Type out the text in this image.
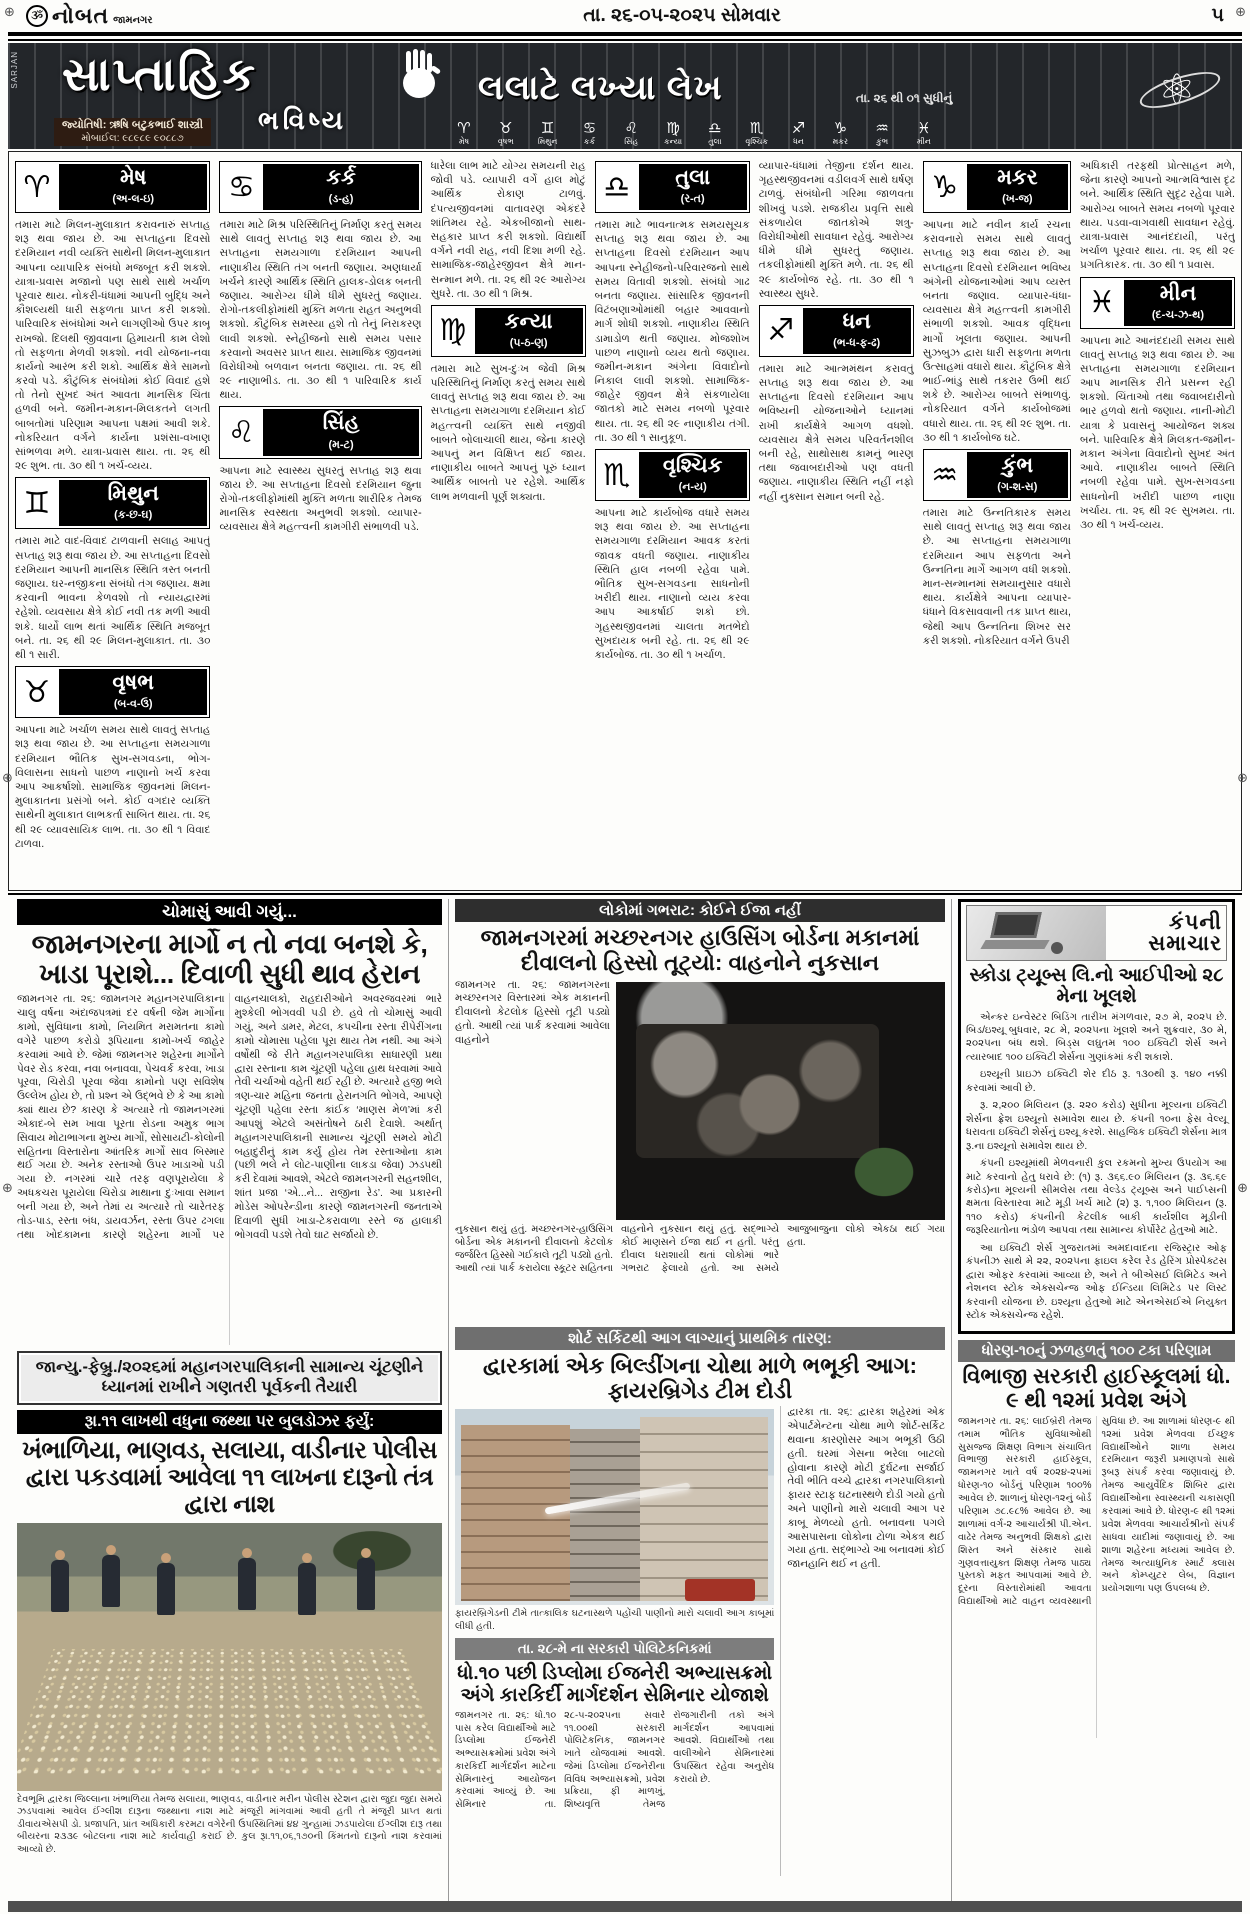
⊕	⊕
⊕	⊕
⊕	⊕
ૐ નોબત જામનગર	તા. ૨૬-૦૫-૨૦૨૫ સોમવાર	૫
SARJAN સાપ્તાહિક
ભવિષ્ય
જ્યોતિષી: ઋષિ બટુકભાઈ શાસ્ત્રી
મોબાઈલ: ૯૮૯૮૯ ૯૦૮૮૭
લલાટે લખ્યા લેખ	તા. ૨૬ થી ૦૧ સુધીનું
♈
મેષ
♉
વૃષભ
♊
મિથુન
♋
કર્ક
♌
સિંહ
♍
કન્યા
♎
તુલા
♏
વૃશ્ચિક
♐
ધન
♑
મકર
♒
કુંભ
♓
મીન
⚛
♈	મેષ
(અ-લ-ઇ)
તમારા માટે મિલન-મુલાકાત કરાવનારું સપ્તાહ શરૂ થવા જાય છે. આ સપ્તાહના દિવસો દરમિયાન નવી વ્યક્તિ સાથેની મિલન-મુલાકાત આપના વ્યાપારિક સંબંધો મજબૂત કરી શકશે. યાત્રા-પ્રવાસ મજાનો પણ સાથે સાથે ખર્ચાળ પૂરવાર થાય. નોકરી-ધંધામાં આપની બુદ્ધિ અને કૌશલ્યથી ધારી સફળતા પ્રાપ્ત કરી શકશો. પારિવારિક સંબંધોમાં અને લાગણીઓ ઉપર કાબૂ રાખજો. દિલથી જીવવાના હિમાયતી કામ લેશો તો સફળતા મેળવી શકશો. નવી યોજના-નવા કાર્યનો આરંભ કરી શકો. આર્થિક ક્ષેત્રે સામનો કરવો પડે. કૌટુંબિક સંબંધોમાં કોઈ વિવાદ હશે તો તેનો સુખદ અંત આવતા માનસિક ચિંતા હળવી બને. જમીન-મકાન-મિલકતને લગતી બાબતોમાં પરિણામ આપના પક્ષમાં આવી શકે. નોકરિયાત વર્ગને કાર્યના પ્રશંસા-વખાણ સાંભળવા મળે. યાત્રા-પ્રવાસ થાય. તા. ૨૬ થી ૨૯ શુભ. તા. ૩૦ થી ૧ ખર્ચ-વ્યય.
♊	મિથુન
(ક-છ-ઘ)
તમારા માટે વાદ-વિવાદ ટાળવાની સલાહ આપતું સપ્તાહ શરૂ થવા જાય છે. આ સપ્તાહના દિવસો દરમિયાન આપની માનસિક સ્થિતિ ત્રસ્ત બનતી જણાય. ઘર-નજીકના સંબંધો તંગ જણાય. ક્ષમા કરવાની ભાવના કેળવશો તો ન્યાયદ્વારમાં રહેશો. વ્યવસાય ક્ષેત્રે કોઈ નવી તક મળી આવી શકે. ધાર્યો લાભ થતાં આર્થિક સ્થિતિ મજબૂત બને. તા. ૨૬ થી ૨૯ મિલન-મુલાકાત. તા. ૩૦ થી ૧ સારી.
♉	વૃષભ
(બ-વ-ઉ)
આપના માટે ખર્ચાળ સમય સાથે લાવતું સપ્તાહ શરૂ થવા જાય છે. આ સપ્તાહના સમયગાળા દરમિયાન ભૌતિક સુખ-સગવડના, ભોગ-વિલાસના સાધનો પાછળ નાણાનો ખર્ચ કરવા આપ આકર્ષાશો. સામાજિક જીવનમાં મિલન-મુલાકાતના પ્રસંગો બને. કોઈ વગદાર વ્યક્તિ સાથેની મુલાકાત લાભકર્તા સાબિત થાય. તા. ૨૬ થી ૨૯ વ્યાવસાયિક લાભ. તા. ૩૦ થી ૧ વિવાદ ટાળવા.
♋	કર્ક
(ડ-હ)
તમારા માટે મિશ્ર પરિસ્થિતિનું નિર્માણ કરતું સમય સાથે લાવતું સપ્તાહ શરૂ થવા જાય છે. આ સપ્તાહના સમયગાળા દરમિયાન આપની નાણાકીય સ્થિતિ તંગ બનતી જણાય. અણધાર્યા ખર્ચને કારણે આર્થિક સ્થિતિ હાલક-ડોલક બનતી જણાય. આરોગ્ય ધીમે ધીમે સુધરતું જણાય. રોગો-તકલીફોમાંથી મુક્તિ મળતા રાહત અનુભવી શકશો. કૌટુંબિક સમસ્યા હશે તો તેનું નિરાકરણ લાવી શકશો. સ્નેહીજનો સાથે સમય પસાર કરવાનો અવસર પ્રાપ્ત થાય. સામાજિક જીવનમાં વિરોધીઓ બળવાન બનતા જણાય. તા. ૨૬ થી ૨૯ નાણાભીડ. તા. ૩૦ થી ૧ પારિવારિક કાર્ય થાય.
♌	સિંહ
(મ-ટ)
આપના માટે સ્વાસ્થ્ય સુધરતું સપ્તાહ શરૂ થવા જાય છે. આ સપ્તાહના દિવસો દરમિયાન જુના રોગો-તકલીફોમાંથી મુક્તિ મળતા શારીરિક તેમજ માનસિક સ્વસ્થતા અનુભવી શકશો. વ્યાપાર-વ્યવસાય ક્ષેત્રે મહત્ત્વની કામગીરી સંભાળવી પડે.
ધારેલા લાભ માટે યોગ્ય સમયની રાહ જોવી પડે. વ્યાપારી વર્ગે હાલ મોટું આર્થિક રોકાણ ટાળવું. દંપત્યજીવનમાં વાતાવરણ એકંદરે શાંતિમય રહે. એકબીજાનો સાથ-સહકાર પ્રાપ્ત કરી શકશો. વિદ્યાર્થી વર્ગને નવી રાહ, નવી દિશા મળી રહે. સામાજિક-જાહેરજીવન ક્ષેત્રે માન-સન્માન મળે. તા. ૨૬ થી ૨૯ આરોગ્ય સુધરે. તા. ૩૦ થી ૧ મિશ્ર.
♍	કન્યા
(પ-ઠ-ણ)
તમારા માટે સુખ-દુઃખ જેવી મિશ્ર પરિસ્થિતિનું નિર્માણ કરતું સમય સાથે લાવતું સપ્તાહ શરૂ થવા જાય છે. આ સપ્તાહના સમયગાળા દરમિયાન કોઈ મહત્ત્વની વ્યક્તિ સાથે નજીવી બાબતે બોલાચાલી થાય, જેના કારણે આપનું મન વિક્ષિપ્ત થઈ જાય. નાણાકીય બાબતે આપનું પૂરું ધ્યાન આર્થિક બાબતો પર રહેશે. આર્થિક લાભ મળવાની પૂર્ણ શક્યતા.
♎	તુલા
(ર-ત)
તમારા માટે ભાવનાત્મક સમયસૂચક સપ્તાહ શરૂ થવા જાય છે. આ સપ્તાહના દિવસો દરમિયાન આપ આપના સ્નેહીજનો-પરિવારજનો સાથે સમય વિતાવી શકશો. સંબંધો ગાઢ બનતા જણાય. સાંસારિક જીવનની વિટંબણાઓમાંથી બહાર આવવાનો માર્ગ શોધી શકશો. નાણાકીય સ્થિતિ ડામાડોળ થતી જણાય. મોજશોખ પાછળ નાણાનો વ્યય થતો જણાય. જમીન-મકાન અંગેના વિવાદોનો નિકાલ લાવી શકશો. સામાજિક-જાહેર જીવન ક્ષેત્રે સંકળાયેલા જાતકો માટે સમય નબળો પૂરવાર થાય. તા. ૨૬ થી ૨૯ નાણાકીય તંગી. તા. ૩૦ થી ૧ સાનુકૂળ.
♏	વૃશ્ચિક
(ન-ય)
આપના માટે કાર્યબોજ વધારે સમય શરૂ થવા જાય છે. આ સપ્તાહના સમયગાળા દરમિયાન આવક કરતાં જાવક વધતી જણાય. નાણાકીય સ્થિતિ હાલ નબળી રહેવા પામે. ભૌતિક સુખ-સગવડના સાધનોની ખરીદી થાય. નાણાનો વ્યય કરવા આપ આકર્ષાઈ શકો છો. ગૃહસ્થજીવનમાં ચાલતા મતભેદો સુખદાયક બની રહે. તા. ૨૬ થી ૨૯ કાર્યબોજ. તા. ૩૦ થી ૧ ખર્ચાળ.
વ્યાપાર-ધંધામાં તેજીના દર્શન થાય. ગૃહસ્થજીવનમાં વડીલવર્ગ સાથે ઘર્ષણ ટાળવું. સંબંધોની ગરિમા જાળવતા શીખવું પડશે. રાજકીય પ્રવૃત્તિ સાથે સંકળાયેલ જાતકોએ શત્રુ-વિરોધીઓથી સાવધાન રહેવું. આરોગ્ય ધીમે ધીમે સુધરતું જણાય. તકલીફોમાંથી મુક્તિ મળે. તા. ૨૬ થી ૨૯ કાર્યબોજ રહે. તા. ૩૦ થી ૧ સ્વાસ્થ્ય સુધરે.
♐	ધન
(ભ-ધ-ફ-ઢ)
તમારા માટે આત્મમંથન કરાવતું સપ્તાહ શરૂ થવા જાય છે. આ સપ્તાહના દિવસો દરમિયાન આપ ભવિષ્યની યોજનાઓને ધ્યાનમાં રાખી કાર્યક્ષેત્રે આગળ વધશો. વ્યવસાય ક્ષેત્રે સમય પરિવર્તનશીલ બની રહે, સાથોસાથ કામનું ભારણ તથા જવાબદારીઓ પણ વધતી જણાય. નાણાકીય સ્થિતિ નહીં નફો નહીં નુક્સાન સમાન બની રહે.
♑	મકર
(ખ-જ)
આપના માટે નવીન કાર્ય રચના કરાવનારો સમય સાથે લાવતું સપ્તાહ શરૂ થવા જાય છે. આ સપ્તાહના દિવસો દરમિયાન ભવિષ્ય અંગેની યોજનાઓમાં આપ વ્યસ્ત બનતા જણાવ. વ્યાપાર-ધંધા-વ્યવસાય ક્ષેત્રે મહત્ત્વની કામગીરી સંભાળી શકશો. આવક વૃદ્ધિના માર્ગો ખૂલતા જણાય. આપની સુઝબુઝ દ્વારા ધારી સફળતા મળતા ઉત્સાહમાં વધારો થાય. કૌટુંબિક ક્ષેત્રે ભાઈ-ભાંડુ સાથે તકરાર ઉભી થઈ શકે છે. આરોગ્ય બાબતે સંભાળવું. નોકરિયાત વર્ગને કાર્યબોજમાં વધારો થાય. તા. ૨૬ થી ૨૯ શુભ. તા. ૩૦ થી ૧ કાર્યબોજ ઘટે.
♒	કુંભ
(ગ-શ-સ)
તમારા માટે ઉન્નતિકારક સમય સાથે લાવતું સપ્તાહ શરૂ થવા જાય છે. આ સપ્તાહના સમયગાળા દરમિયાન આપ સફળતા અને ઉન્નતિના માર્ગે આગળ વધી શકશો. માન-સન્માનમાં સમયાનુસાર વધારો થાય. કાર્યક્ષેત્રે આપના વ્યાપાર-ધંધાને વિકસાવવાની તક પ્રાપ્ત થાય, જેથી આપ ઉન્નતિના શિખર સર કરી શકશો. નોકરિયાત વર્ગને ઉપરી
અધિકારી તરફથી પ્રોત્સાહન મળે, જેના કારણે આપનો આત્મવિશ્વાસ દૃઢ બને. આર્થિક સ્થિતિ સુદૃઢ રહેવા પામે. આરોગ્ય બાબતે સમય નબળો પૂરવાર થાય. પડવા-વાગવાથી સાવધાન રહેવું. યાત્રા-પ્રવાસ આનંદદાયી, પરંતુ ખર્ચાળ પૂરવાર થાય. તા. ૨૬ થી ૨૯ પ્રગતિકારક. તા. ૩૦ થી ૧ પ્રવાસ.
♓	મીન
(દ-ચ-ઝ-થ)
આપના માટે આનંદદાયી સમય સાથે લાવતું સપ્તાહ શરૂ થવા જાય છે. આ સપ્તાહના સમયગાળા દરમિયાન આપ માનસિક રીતે પ્રસન્ન રહી શકશો. ચિંતાઓ તથા જવાબદારીનો ભાર હળવો થતો જણાય. નાની-મોટી યાત્રા કે પ્રવાસનું આયોજન શક્ય બને. પારિવારિક ક્ષેત્રે મિલકત-જમીન-મકાન અંગેના વિવાદોનો સુખદ અંત આવે. નાણાકીય બાબતે સ્થિતિ નબળી રહેવા પામે. સુખ-સગવડના સાધનોની ખરીદી પાછળ નાણા ખર્ચાય. તા. ૨૬ થી ૨૯ સુખમય. તા. ૩૦ થી ૧ ખર્ચ-વ્યય.
ચોમાસું આવી ગયું...
જામનગરના માર્ગો ન તો નવા બનશે કે, ખાડા પૂરાશે... દિવાળી સુધી થાવ હેરાન
જામનગર તા. ૨૬: જામનગર મહાનગરપાલિકાના ચાલુ વર્ષના અંદાજપત્રમાં દર વર્ષની જેમ માર્ગોના કામો, સુવિધાના કામો, નિયમિત મરામતના કામો વગેરે પાછળ કરોડો રૂપિયાના કામો-ખર્ચ જાહેર કરવામાં આવે છે. જેમાં જામનગર શહેરના માર્ગોને પેવર રોડ કરવા, નવા બનાવવા, પેચવર્ક કરવા, ખાડા પૂરવા, ચિરોડી પૂરવા જેવા કામોનો પણ સવિશેષ ઉલ્લેખ હોય છે, તો પ્રશ્ન એ ઉદ્ભવે છે કે આ કામો ક્યાં થાય છે? કારણ કે અત્યારે તો જામનગરમાં એકાદ-બે સમ ખાવા પૂરતા રોડના અમુક ભાગ સિવાય મોટાભાગના મુખ્ય માર્ગો, સોસાયટી-કોલોની સહિતના વિસ્તારોના આંતરિક માર્ગો સાવ બિસ્માર થઈ ગયા છે. અનેક રસ્તાઓ ઉપર ખાડાઓ પડી ગયા છે. નગરમાં ચારે તરફ વણપૂરાયેલા કે અધકચરા પૂરાયેલા ચિરોડા માથાના દુઃખાવા સમાન બની ગયા છે, અને તેમાં ય અત્યારે તો ચારેતરફ તોડ-પાડ, રસ્તા બંધ, ડાયવર્ઝન, રસ્તા ઉપર ઢગલા તથા ખોદકામના કારણે શહેરના માર્ગો પર વાહનચાલકો, રાહદારીઓને અવરજવરમાં ભારે મુશ્કેલી ભોગવવી પડી છે. હવે તો ચોમાસું આવી ગયું, અને ડામર, મેટલ, કપચીના રસ્તા રીપેરીંગના કામો ચોમાસા પહેલા પૂરા થાય તેમ નથી. આ અંગે વર્ષોથી જે રીતે મહાનગરપાલિકા સાધારણી પ્રથા દ્વારા રસ્તાના કામ ચૂંટણી પહેલા હાથ ધરવામાં આવે તેવી ચર્ચાઓ વહેતી થઈ રહી છે. અત્યારે હજી ભલે ત્રણ-ચાર મહિના જનતા હેરાનગતિ ભોગવે, આપણે ચૂંટણી પહેલા રસ્તા કાંઈક ‘માણસ મેળ’માં કરી આપશું એટલે અસંતોષને ઠારી દેવાશે. અર્થાત્ મહાનગરપાલિકાની સામાન્ય ચૂંટણી સમયે મોટી બહાદુરીનું કામ કર્યું હોય તેમ રસ્તાઓના કામ (પછી ભલે ને લોટ-પાણીના લાકડા જેવા) ઝડપથી કરી દેવામાં આવશે, એટલે જામનગરની સહનશીલ, શાંત પ્રજા ‘એ...ને... રાજીના રેડ’. આ પ્રકારની મોડેસ ઓપરેન્ડીના કારણે જામનગરની જનતાએ દિવાળી સુધી ખાડા-ટેકરાવાળા રસ્તે જ હાલાકી ભોગવવી પડશે તેવો ઘાટ સર્જાયો છે.
જાન્યુ.-ફેબ્રુ./૨૦૨૬માં મહાનગરપાલિકાની સામાન્ય ચૂંટણીને ધ્યાનમાં રાખીને ગણતરી પૂર્વકની તૈયારી
રૂા.૧૧ લાખથી વધુના જથ્થા પર બુલડોઝર ફર્યું:
ખંભાળિયા, ભાણવડ, સલાયા, વાડીનાર પોલીસ દ્વારા પકડવામાં આવેલા ૧૧ લાખના દારૂનો તંત્ર દ્વારા નાશ
દેવભૂમિ દ્વારકા જિલ્લાના ખંભાળિયા તેમજ સલાયા, ભાણવડ, વાડીનાર મરીન પોલીસ સ્ટેશન દ્વારા જુદા જુદા સમયે ઝડપવામાં આવેલ ઈંગ્લીશ દારૂના જથ્થાના નાશ માટે મંજૂરી માંગવામાં આવી હતી તે મંજૂરી પ્રાપ્ત થતાં ડીવાયએસપી ડો. પ્રજાપતિ, પ્રાંત અધિકારી કરમટા વગેરેની ઉપસ્થિતિમાં ૪૪ ગુન્હામાં ઝડપાયેલા ઈંગ્લીશ દારૂ તથા બીયરના ૨૩૩૯ બોટલના નાશ માટે કાર્યવાહી કરાઈ છે. કુલ રૂા.૧૧,૦૬,૧૭૦ની કિંમતનો દારૂનો નાશ કરવામાં આવ્યો છે.
લોકોમાં ગભરાટ: કોઈને ઈજા નહીં
જામનગરમાં મચ્છરનગર હાઉસિંગ બોર્ડના મકાનમાં દીવાલનો હિસ્સો તૂટ્યો: વાહનોને નુકસાન
જામનગર તા. ૨૬: જામનગરના મચ્છરનગર વિસ્તારમાં એક મકાનની દીવાલનો કેટલોક હિસ્સો તૂટી પડ્યો હતો. આથી ત્યાં પાર્ક કરવામાં આવેલા વાહનોને
નુકસાન થયું હતું. મચ્છરનગર-હાઉસિંગ બોર્ડના એક મકાનની દીવાલનો કેટલોક જર્જરિત હિસ્સો ગઈકાલે તૂટી પડ્યો હતો. આથી ત્યાં પાર્ક કરાયેલા સ્કૂટર સહિતના વાહનોને નુકસાન થયું હતું. સદ્ભાગ્યે કોઈ માણસને ઈજા થઈ ન હતી. પરંતુ દીવાલ ધરાશાયી થતાં લોકોમાં ભારે ગભરાટ ફેલાયો હતો. આ સમયે આજુબાજુના લોકો એકઠા થઈ ગયા હતા.
શોર્ટ સર્કિટથી આગ લાગ્યાનું પ્રાથમિક તારણ:
દ્વારકામાં એક બિલ્ડીંગના ચોથા માળે ભભૂકી આગ: ફાયરબ્રિગેડ ટીમ દોડી
ફાયરબ્રિગેડની ટીમે તાત્કાલિક ઘટનાસ્થળે પહોંચી પાણીનો મારો ચલાવી આગ કાબૂમાં લીધી હતી.
તા. ૨૮-મે ના સરકારી પોલિટેકનિકમાં
ધો.૧૦ પછી ડિપ્લોમા ઈજનેરી અભ્યાસક્રમો અંગે કારકિર્દી માર્ગદર્શન સેમિનાર યોજાશે
જામનગર તા. ૨૬: ધો.૧૦ પાસ કરેલ વિદ્યાર્થીઓ માટે ડિપ્લોમા ઈજનેરી અભ્યાસક્રમોમાં પ્રવેશ અંગે કારકિર્દી માર્ગદર્શન માટેના સેમિનારનું આયોજન કરવામાં આવ્યું છે. આ સેમિનાર તા. ૨૮-૫-૨૦૨૫ના સવારે ૧૧.૦૦થી સરકારી પોલિટેકનિક, જામનગર ખાતે યોજવામાં આવશે. જેમાં ડિપ્લોમા ઈજનેરીના વિવિધ અભ્યાસક્રમો, પ્રવેશ પ્રક્રિયા, ફી માળખું, શિષ્યવૃત્તિ તેમજ રોજગારીની તકો અંગે માર્ગદર્શન આપવામાં આવશે. વિદ્યાર્થીઓ તથા વાલીઓને સેમિનારમાં ઉપસ્થિત રહેવા અનુરોધ કરાયો છે.
દ્વારકા તા. ૨૬: દ્વારકા શહેરમાં એક એપાર્ટમેન્ટના ચોથા માળે શોર્ટ-સર્કિટ થવાના કારણોસર આગ ભભૂકી ઉઠી હતી. ઘરમાં ગેસના ભરેલા બાટલો હોવાના કારણે મોટી દુર્ઘટના સર્જાઈ તેવી ભીતિ વચ્ચે દ્વારકા નગરપાલિકાનો ફાયર સ્ટાફ ઘટનાસ્થળે દોડી ગયો હતો અને પાણીનો મારો ચલાવી આગ પર કાબૂ મેળવ્યો હતો. બનાવના પગલે આસપાસના લોકોના ટોળા એકત્ર થઈ ગયા હતા. સદ્ભાગ્યે આ બનાવમાં કોઈ જાનહાનિ થઈ ન હતી.
કંપની
સમાચાર
સ્કોડા ટ્યૂબ્સ લિ.નો આઈપીઓ ૨૮ મેના ખૂલશે

એન્કર ઇન્વેસ્ટર બિડિંગ તારીખ મંગળવાર, ૨૭ મે, ૨૦૨૫ છે. બિડ/ઇશ્યૂ બુધવાર, ૨૮ મે, ૨૦૨૫ના ખૂલશે અને શુક્રવાર, ૩૦ મે, ૨૦૨૫ના બંધ થશે. બિડ્સ લઘુતમ ૧૦૦ ઇક્વિટી શેર્સ અને ત્યારબાદ ૧૦૦ ઇક્વિટી શેર્સના ગુણાંકમાં કરી શકાશે.

ઇશ્યૂની પ્રાઇઝ ઇક્વિટી શેર દીઠ રૂ. ૧૩૦થી રૂ. ૧૪૦ નક્કી કરવામાં આવી છે.

રૂ. ૨,૨૦૦ મિલિયન (રૂ. ૨૨૦ કરોડ) સુધીના મૂલ્યના ઇક્વિટી શેર્સના ફ્રેશ ઇશ્યૂનો સમાવેશ થાય છે. કંપની ૧૦ના ફેસ વેલ્યૂ ધરાવતા ઇક્વિટી શેર્સનું ઇશ્યૂ કરશે. સાહજિક ઇક્વિટી શેર્સના માત્ર રૂ.ના ઇશ્યૂનો સમાવેશ થાય છે.

કંપની ઇશ્યૂમાંથી મેળવનારી કુલ રકમનો મુખ્ય ઉપયોગ આ માટે કરવાનો હેતુ ધરાવે છે: (૧) રૂ. ૩૬૬.૯૦ મિલિયન (રૂ. ૩૬.૬૯ કરોડ)ના મૂલ્યની સીમલેસ તથા વેલ્ડેડ ટ્યૂબ્સ અને પાઈપ્સની ક્ષમતા વિસ્તારવા માટે મૂડી ખર્ચ માટે (૨) રૂ. ૧,૧૦૦ મિલિયન (રૂ. ૧૧૦ કરોડ) કંપનીની કેટલીક બાકી કાર્યશીલ મૂડીની જરૂરિયાતોના ભંડોળ આપવા તથા સામાન્ય કોર્પોરેટ હેતુઓ માટે.

આ ઇક્વિટી શેર્સ ગુજરાતમાં અમદાવાદના રજિસ્ટ્રાર ઓફ કંપનીઝ સાથે મે ૨૨, ૨૦૨૫ના ફાઇલ કરેલ રેડ હેરિંગ પ્રોસ્પેક્ટસ દ્વારા ઓફર કરવામાં આવ્યા છે, અને તે બીએસઈ લિમિટેડ અને નેશનલ સ્ટોક એક્સચેન્જ ઓફ ઈન્ડિયા લિમિટેડ પર લિસ્ટ કરવાની યોજના છે. ઇશ્યૂના હેતુઓ માટે એનએસઈએ નિયુક્ત સ્ટોક એક્સચેન્જ રહેશે.

ધોરણ-૧૦નું ઝળહળતું ૧૦૦ ટકા પરિણામ
વિભાજી સરકારી હાઈસ્કૂલમાં ધો. ૯ થી ૧૨માં પ્રવેશ અંગે
જામનગર તા. ૨૬: લાઈબ્રેરી તેમજ તમામ ભૌતિક સુવિધાઓથી સુસજ્જ શિક્ષણ વિભાગ સંચાલિત વિભાજી સરકારી હાઈસ્કૂલ, જામનગર ખાતે વર્ષ ૨૦૨૪-૨૫માં ધોરણ-૧૦ બોર્ડનું પરિણામ ૧૦૦% આવેલ છે. શાળાનું ધોરણ-૧૨નું બોર્ડ પરિણામ ૭૮.૯૮% આવેલ છે. આ શાળામાં વર્ગ-૨ આચાર્યશ્રી પી.એન. વાઢેર તેમજ અનુભવી શિક્ષકો દ્વારા શિસ્ત અને સંસ્કાર સાથે ગુણવત્તાયુક્ત શિક્ષણ તેમજ પાઠ્ય પુસ્તકો મફત આપવામાં આવે છે. દૂરના વિસ્તારોમાંથી આવતા વિદ્યાર્થીઓ માટે વાહન વ્યવસ્થાની સુવિધા છે. આ શાળામાં ધોરણ-૯ થી ૧૨માં પ્રવેશ મેળવવા ઈચ્છુક વિદ્યાર્થીઓને શાળા સમય દરમિયાન જરૂરી પ્રમાણપત્રો સાથે રૂબરૂ સંપર્ક કરવા જણાવાયું છે. તેમજ આયુર્વેદિક શિબિર દ્વારા વિદ્યાર્થીઓના સ્વાસ્થ્યની ચકાસણી કરવામાં આવે છે. ધોરણ-૯ થી ૧૨માં પ્રવેશ મેળવવા આચાર્યશ્રીનો સંપર્ક સાધવા યાદીમાં જણાવાયું છે. આ શાળા શહેરના મધ્યમાં આવેલ છે. તેમજ અત્યાધુનિક સ્માર્ટ ક્લાસ અને કોમ્પ્યુટર લેબ, વિજ્ઞાન પ્રયોગશાળા પણ ઉપલબ્ધ છે.
